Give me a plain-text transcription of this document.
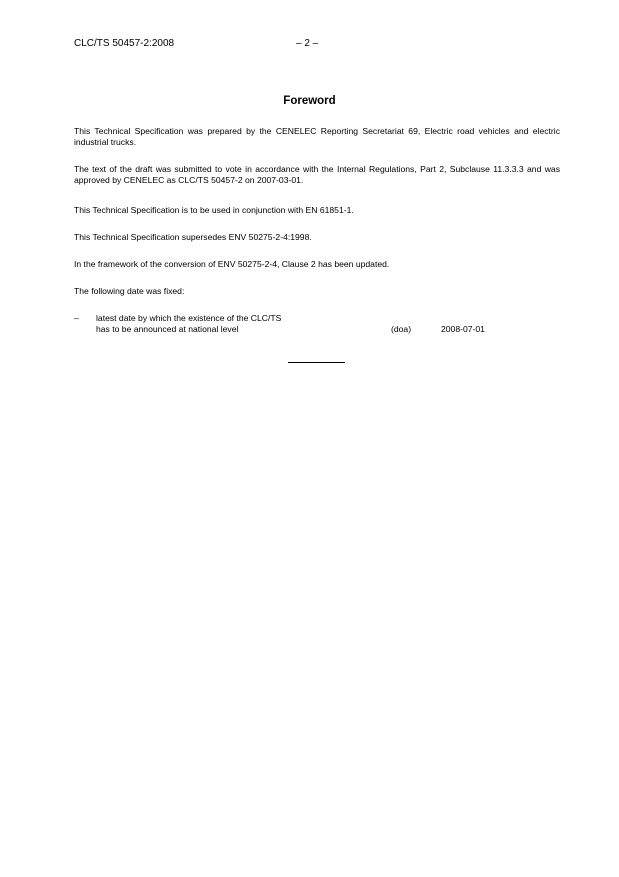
CLC/TS 50457-2:2008	– 2 –
Foreword
This Technical Specification was prepared by the CENELEC Reporting Secretariat 69, Electric road vehicles and electric industrial trucks.
The text of the draft was submitted to vote in accordance with the Internal Regulations, Part 2, Subclause 11.3.3.3 and was approved by CENELEC as CLC/TS 50457-2 on 2007-03-01.
This Technical Specification is to be used in conjunction with EN 61851-1.
This Technical Specification supersedes ENV 50275-2-4:1998.
In the framework of the conversion of ENV 50275-2-4, Clause 2 has been updated.
The following date was fixed:
– latest date by which the existence of the CLC/TS
has to be announced at national level	(doa)	2008-07-01
